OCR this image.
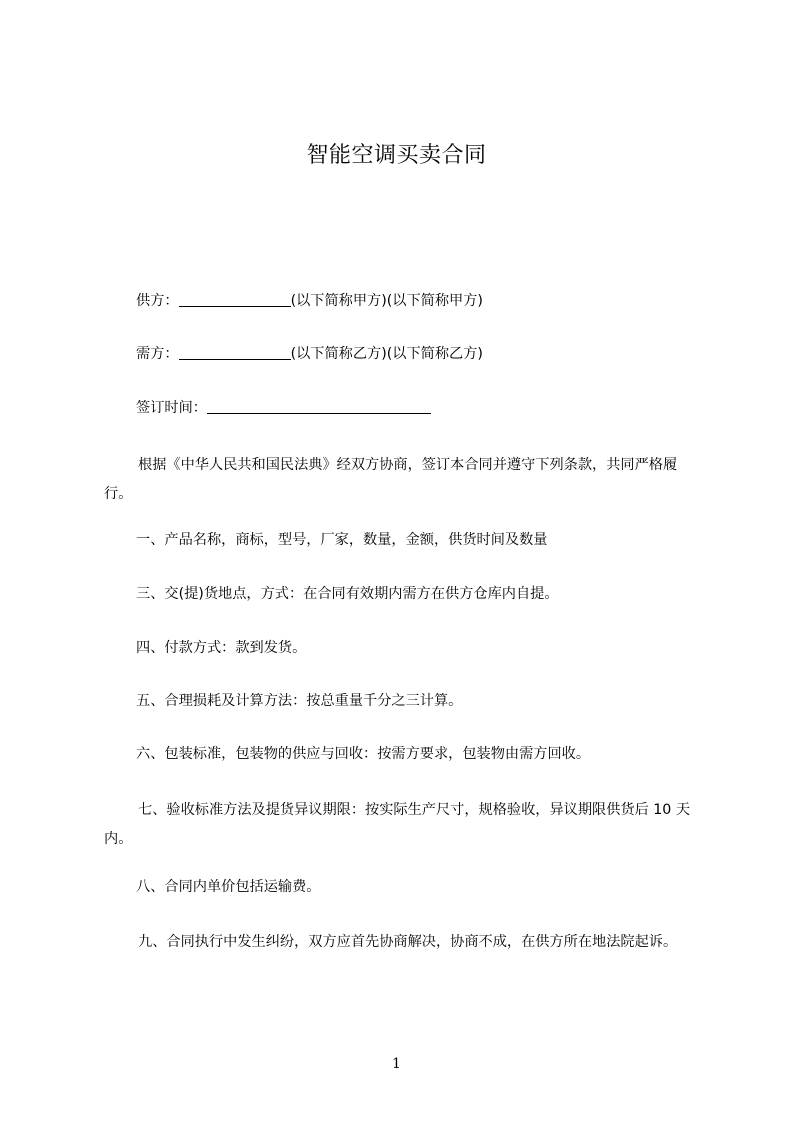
智能空调买卖合同
供方：	(以下简称甲方)(以下简称甲方)
需方：	(以下简称乙方)(以下简称乙方)
签订时间：
根据《中华人民共和国民法典》经双方协商，签订本合同并遵守下列条款，共同严格履行。
一、产品名称，商标，型号，厂家，数量，金额，供货时间及数量
三、交(提)货地点，方式：在合同有效期内需方在供方仓库内自提。
四、付款方式：款到发货。
五、合理损耗及计算方法：按总重量千分之三计算。
六、包装标准，包装物的供应与回收：按需方要求，包装物由需方回收。
七、验收标准方法及提货异议期限：按实际生产尺寸，规格验收，异议期限供货后 10 天内。
八、合同内单价包括运输费。
九、合同执行中发生纠纷，双方应首先协商解决，协商不成，在供方所在地法院起诉。
1
